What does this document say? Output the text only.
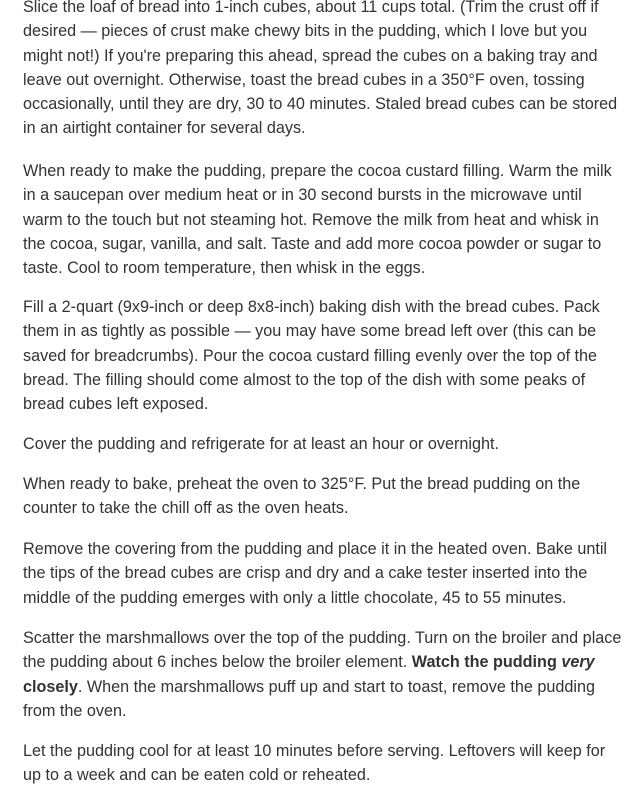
Slice the loaf of bread into 1-inch cubes, about 11 cups total. (Trim the crust off if desired — pieces of crust make chewy bits in the pudding, which I love but you might not!) If you're preparing this ahead, spread the cubes on a baking tray and leave out overnight. Otherwise, toast the bread cubes in a 350°F oven, tossing occasionally, until they are dry, 30 to 40 minutes. Staled bread cubes can be stored in an airtight container for several days.

When ready to make the pudding, prepare the cocoa custard filling. Warm the milk in a saucepan over medium heat or in 30 second bursts in the microwave until warm to the touch but not steaming hot. Remove the milk from heat and whisk in the cocoa, sugar, vanilla, and salt. Taste and add more cocoa powder or sugar to taste. Cool to room temperature, then whisk in the eggs.

Fill a 2-quart (9x9-inch or deep 8x8-inch) baking dish with the bread cubes. Pack them in as tightly as possible — you may have some bread left over (this can be saved for breadcrumbs). Pour the cocoa custard filling evenly over the top of the bread. The filling should come almost to the top of the dish with some peaks of bread cubes left exposed.

Cover the pudding and refrigerate for at least an hour or overnight.

When ready to bake, preheat the oven to 325°F. Put the bread pudding on the counter to take the chill off as the oven heats.

Remove the covering from the pudding and place it in the heated oven. Bake until the tips of the bread cubes are crisp and dry and a cake tester inserted into the middle of the pudding emerges with only a little chocolate, 45 to 55 minutes.

Scatter the marshmallows over the top of the pudding. Turn on the broiler and place the pudding about 6 inches below the broiler element. Watch the pudding very closely. When the marshmallows puff up and start to toast, remove the pudding from the oven.

Let the pudding cool for at least 10 minutes before serving. Leftovers will keep for up to a week and can be eaten cold or reheated.
